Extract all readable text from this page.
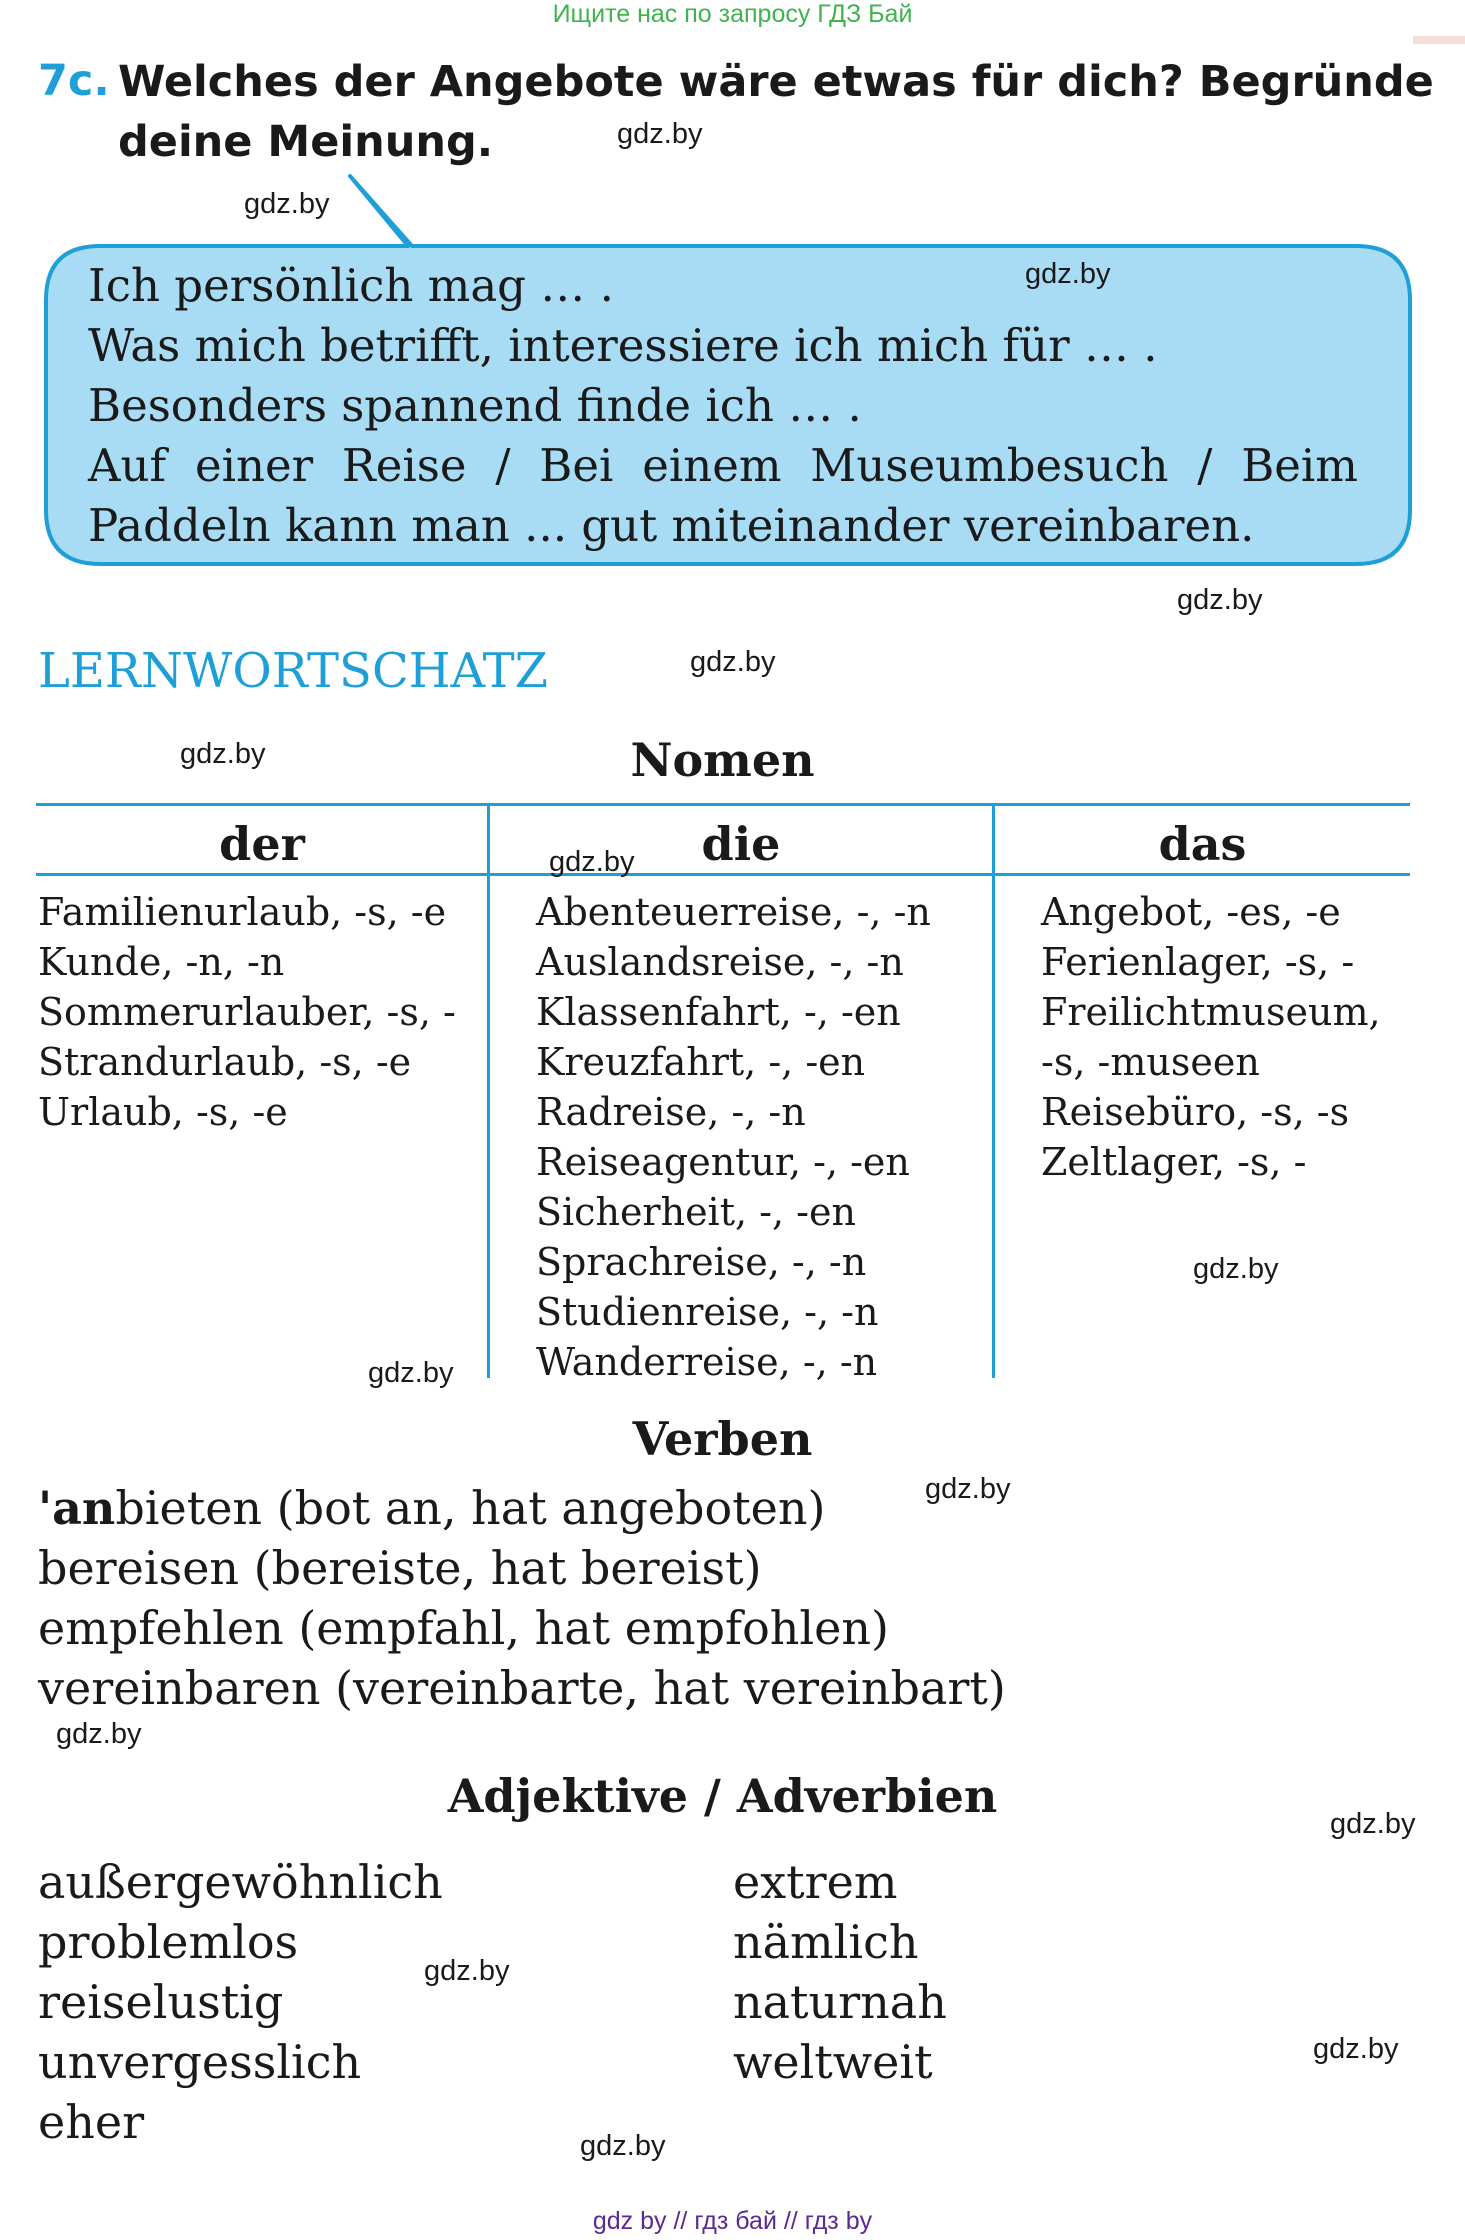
Ищите нас по запросу ГДЗ Бай
7c. Welches der Angebote wäre etwas für dich? Begründe deine Meinung.
Ich persönlich mag … .
Was mich betrifft, interessiere ich mich für … .
Besonders spannend finde ich … .
Auf einer Reise / Bei einem Museumbesuch / Beim
Paddeln kann man ... gut miteinander vereinbaren.
LERNWORTSCHATZ
Nomen
der	die	das
Familienurlaub, -s, -e
Kunde, -n, -n
Sommerurlauber, -s, -
Strandurlaub, -s, -e
Urlaub, -s, -e
Abenteuerreise, -, -n
Auslandsreise, -, -n
Klassenfahrt, -, -en
Kreuzfahrt, -, -en
Radreise, -, -n
Reiseagentur, -, -en
Sicherheit, -, -en
Sprachreise, -, -n
Studienreise, -, -n
Wanderreise, -, -n
Angebot, -es, -e
Ferienlager, -s, -
Freilichtmuseum,
-s, -museen
Reisebüro, -s, -s
Zeltlager, -s, -
Verben
'anbieten (bot an, hat angeboten)
bereisen (bereiste, hat bereist)
empfehlen (empfahl, hat empfohlen)
vereinbaren (vereinbarte, hat vereinbart)
Adjektive / Adverbien
außergewöhnlich
problemlos
reiselustig
unvergesslich
eher
extrem
nämlich
naturnah
weltweit
gdz.by
gdz.by
gdz.by
gdz.by
gdz.by
gdz.by
gdz.by
gdz.by
gdz.by
gdz.by
gdz.by
gdz.by
gdz.by
gdz.by
gdz.by
gdz by // гдз бай // гдз by
